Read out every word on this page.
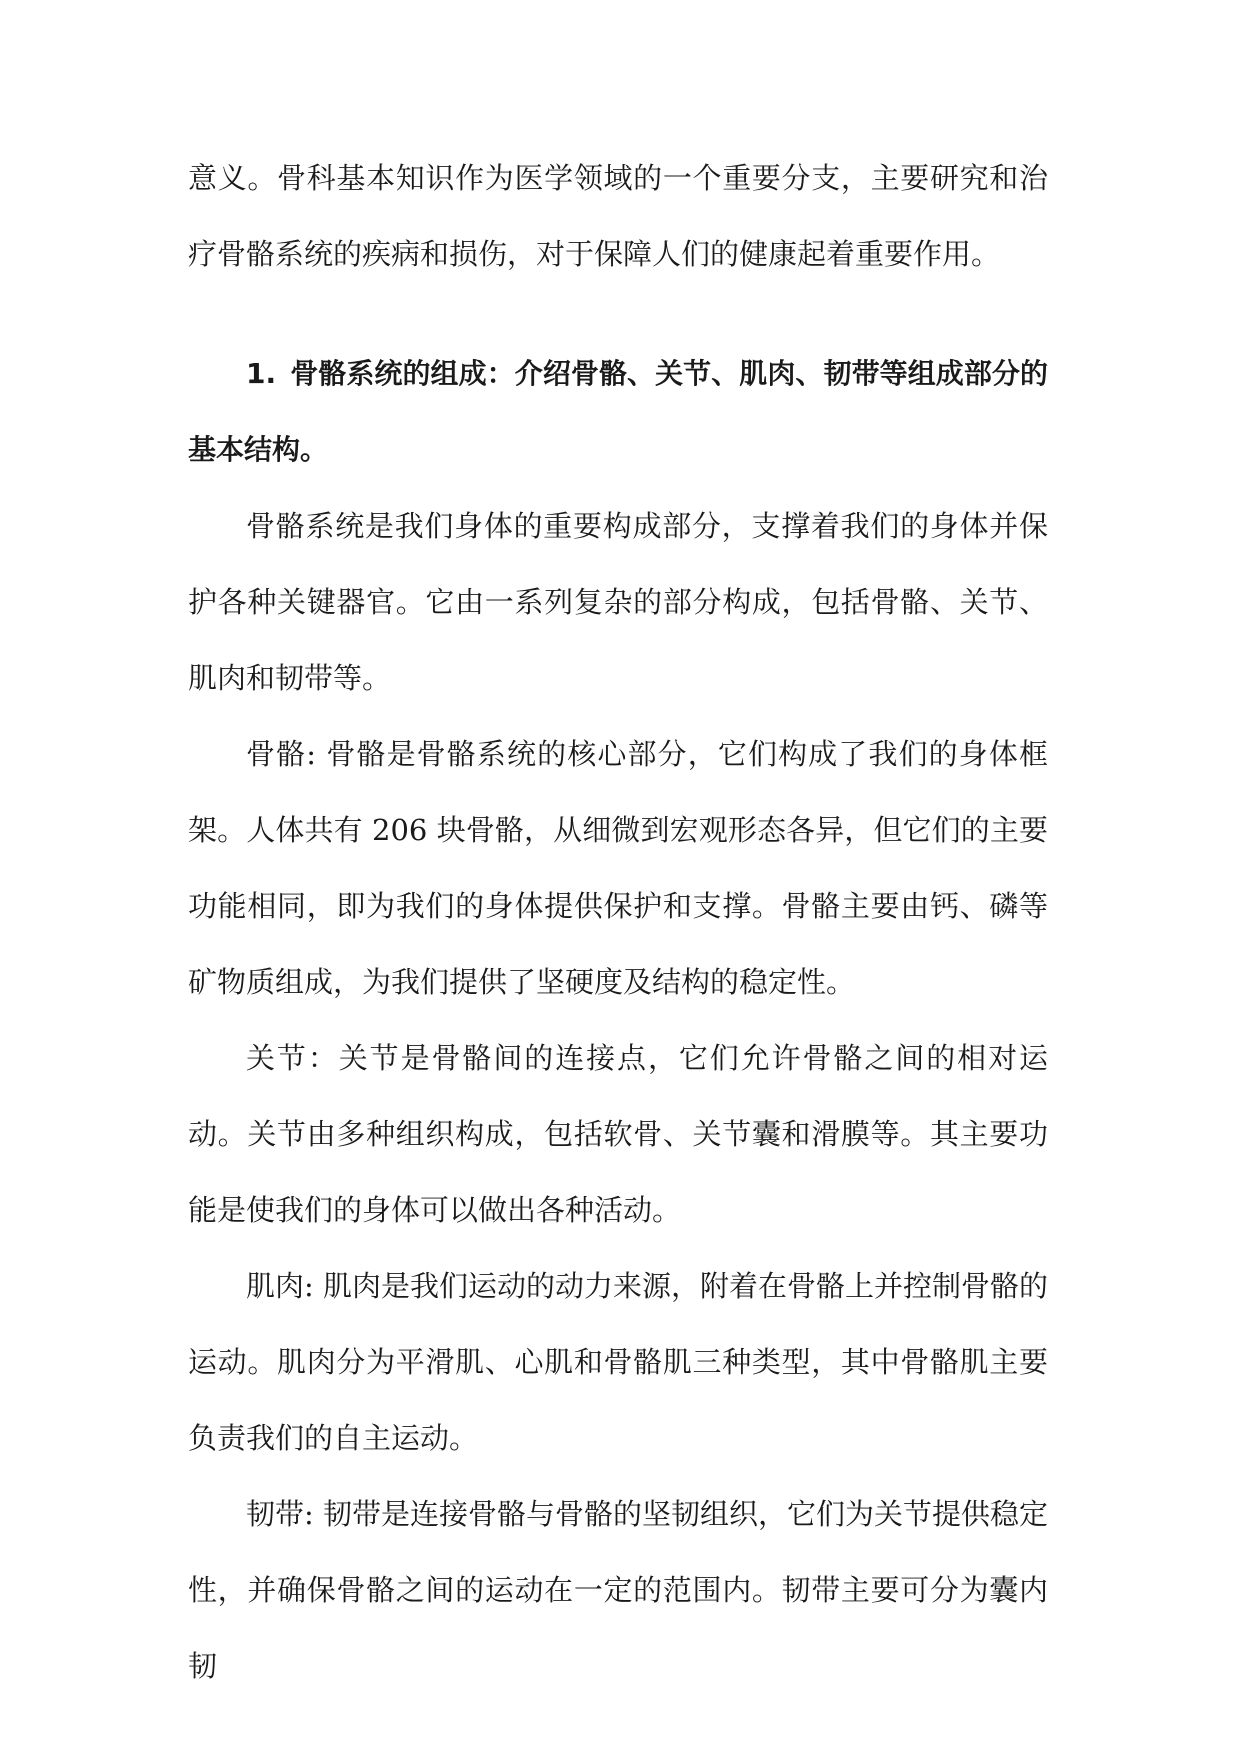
意义。骨科基本知识作为医学领域的一个重要分支，主要研究和治疗骨骼系统的疾病和损伤，对于保障人们的健康起着重要作用。

1. 骨骼系统的组成：介绍骨骼、关节、肌肉、韧带等组成部分的基本结构。

骨骼系统是我们身体的重要构成部分，支撑着我们的身体并保护各种关键器官。它由一系列复杂的部分构成，包括骨骼、关节、肌肉和韧带等。

骨骼: 骨骼是骨骼系统的核心部分，它们构成了我们的身体框架。人体共有 206 块骨骼，从细微到宏观形态各异，但它们的主要功能相同，即为我们的身体提供保护和支撑。骨骼主要由钙、磷等矿物质组成，为我们提供了坚硬度及结构的稳定性。

关节：关节是骨骼间的连接点，它们允许骨骼之间的相对运动。关节由多种组织构成，包括软骨、关节囊和滑膜等。其主要功能是使我们的身体可以做出各种活动。

肌肉: 肌肉是我们运动的动力来源，附着在骨骼上并控制骨骼的运动。肌肉分为平滑肌、心肌和骨骼肌三种类型，其中骨骼肌主要负责我们的自主运动。

韧带: 韧带是连接骨骼与骨骼的坚韧组织，它们为关节提供稳定性，并确保骨骼之间的运动在一定的范围内。韧带主要可分为囊内韧
